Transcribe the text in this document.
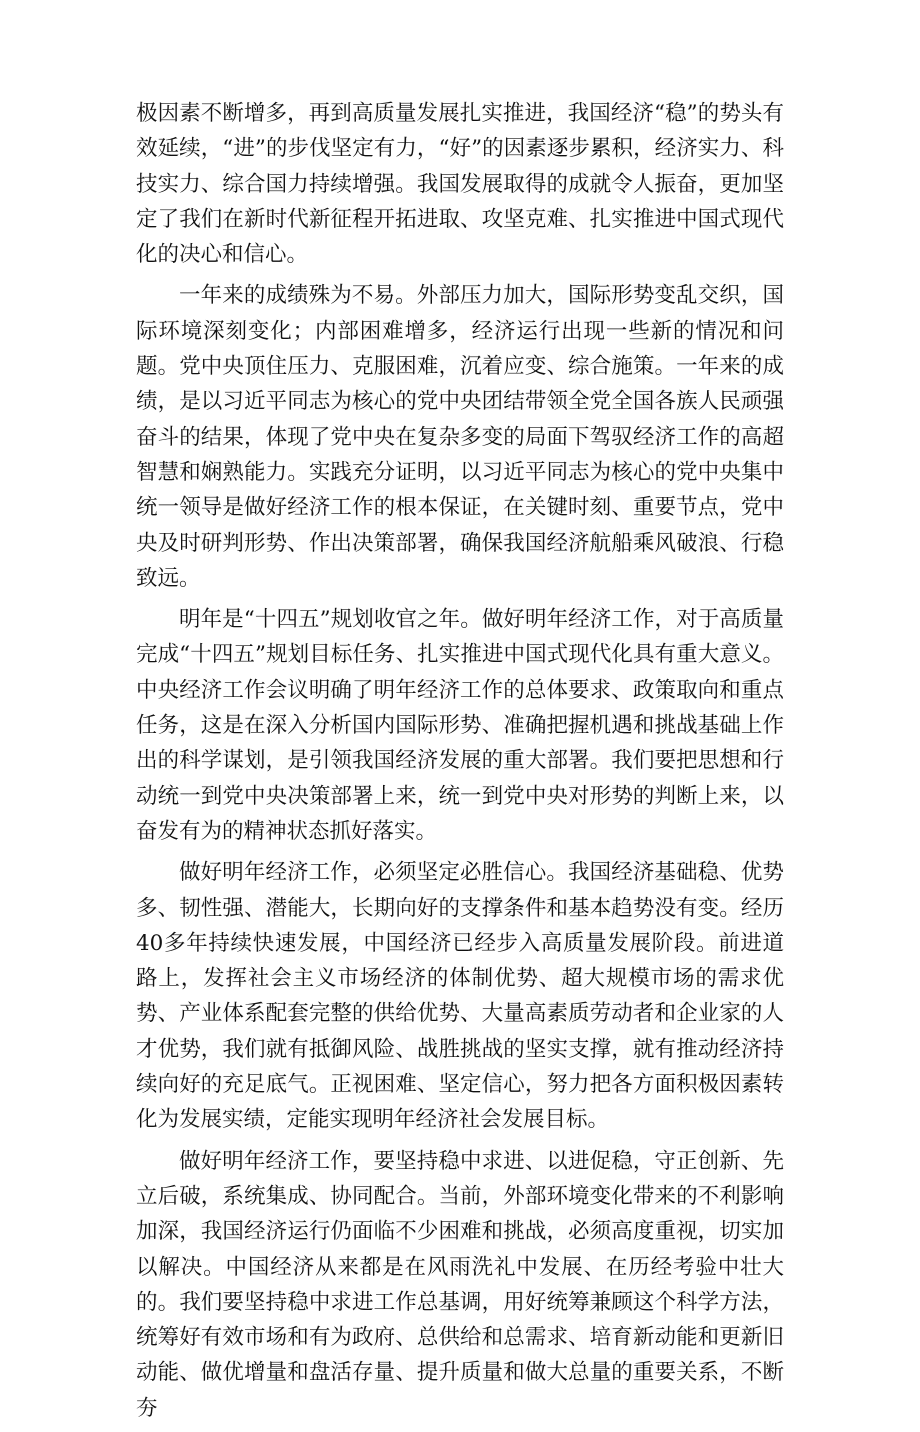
极因素不断增多，再到高质量发展扎实推进，我国经济“稳”的势头有效延续，“进”的步伐坚定有力，“好”的因素逐步累积，经济实力、科技实力、综合国力持续增强。我国发展取得的成就令人振奋，更加坚定了我们在新时代新征程开拓进取、攻坚克难、扎实推进中国式现代化的决心和信心。

一年来的成绩殊为不易。外部压力加大，国际形势变乱交织，国际环境深刻变化；内部困难增多，经济运行出现一些新的情况和问题。党中央顶住压力、克服困难，沉着应变、综合施策。一年来的成绩，是以习近平同志为核心的党中央团结带领全党全国各族人民顽强奋斗的结果，体现了党中央在复杂多变的局面下驾驭经济工作的高超智慧和娴熟能力。实践充分证明，以习近平同志为核心的党中央集中统一领导是做好经济工作的根本保证，在关键时刻、重要节点，党中央及时研判形势、作出决策部署，确保我国经济航船乘风破浪、行稳致远。

明年是“十四五”规划收官之年。做好明年经济工作，对于高质量完成“十四五”规划目标任务、扎实推进中国式现代化具有重大意义。中央经济工作会议明确了明年经济工作的总体要求、政策取向和重点任务，这是在深入分析国内国际形势、准确把握机遇和挑战基础上作出的科学谋划，是引领我国经济发展的重大部署。我们要把思想和行动统一到党中央决策部署上来，统一到党中央对形势的判断上来，以奋发有为的精神状态抓好落实。

做好明年经济工作，必须坚定必胜信心。我国经济基础稳、优势多、韧性强、潜能大，长期向好的支撑条件和基本趋势没有变。经历40多年持续快速发展，中国经济已经步入高质量发展阶段。前进道路上，发挥社会主义市场经济的体制优势、超大规模市场的需求优势、产业体系配套完整的供给优势、大量高素质劳动者和企业家的人才优势，我们就有抵御风险、战胜挑战的坚实支撑，就有推动经济持续向好的充足底气。正视困难、坚定信心，努力把各方面积极因素转化为发展实绩，定能实现明年经济社会发展目标。

做好明年经济工作，要坚持稳中求进、以进促稳，守正创新、先立后破，系统集成、协同配合。当前，外部环境变化带来的不利影响加深，我国经济运行仍面临不少困难和挑战，必须高度重视，切实加以解决。中国经济从来都是在风雨洗礼中发展、在历经考验中壮大的。我们要坚持稳中求进工作总基调，用好统筹兼顾这个科学方法，统筹好有效市场和有为政府、总供给和总需求、培育新动能和更新旧动能、做优增量和盘活存量、提升质量和做大总量的重要关系，不断夯
